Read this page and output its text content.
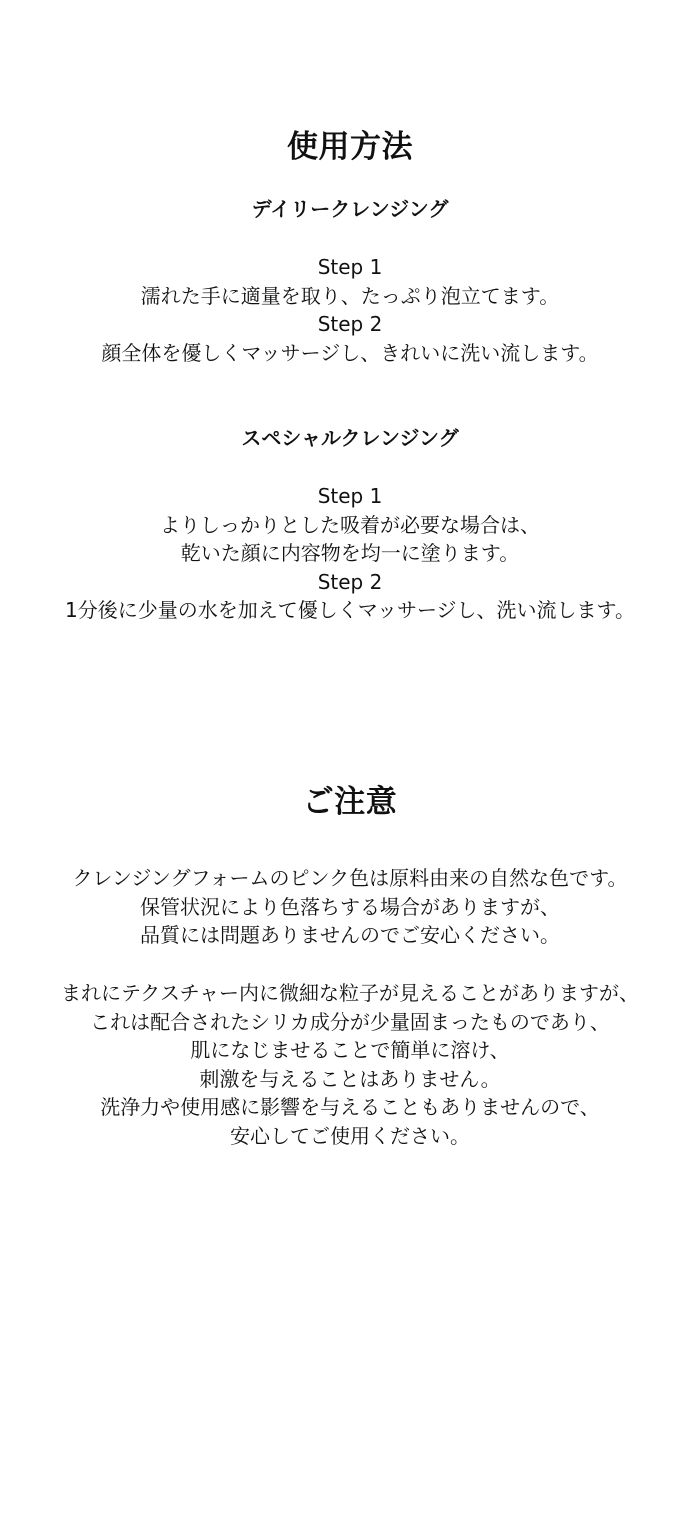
使用方法
デイリークレンジング
Step 1
濡れた手に適量を取り、たっぷり泡立てます。
Step 2
顔全体を優しくマッサージし、きれいに洗い流します。
スペシャルクレンジング
Step 1
よりしっかりとした吸着が必要な場合は、
乾いた顔に内容物を均一に塗ります。
Step 2
1分後に少量の水を加えて優しくマッサージし、洗い流します。
ご注意
クレンジングフォームのピンク色は原料由来の自然な色です。
保管状況により色落ちする場合がありますが、
品質には問題ありませんのでご安心ください。
まれにテクスチャー内に微細な粒子が見えることがありますが、
これは配合されたシリカ成分が少量固まったものであり、
肌になじませることで簡単に溶け、
刺激を与えることはありません。
洗浄力や使用感に影響を与えることもありませんので、
安心してご使用ください。
